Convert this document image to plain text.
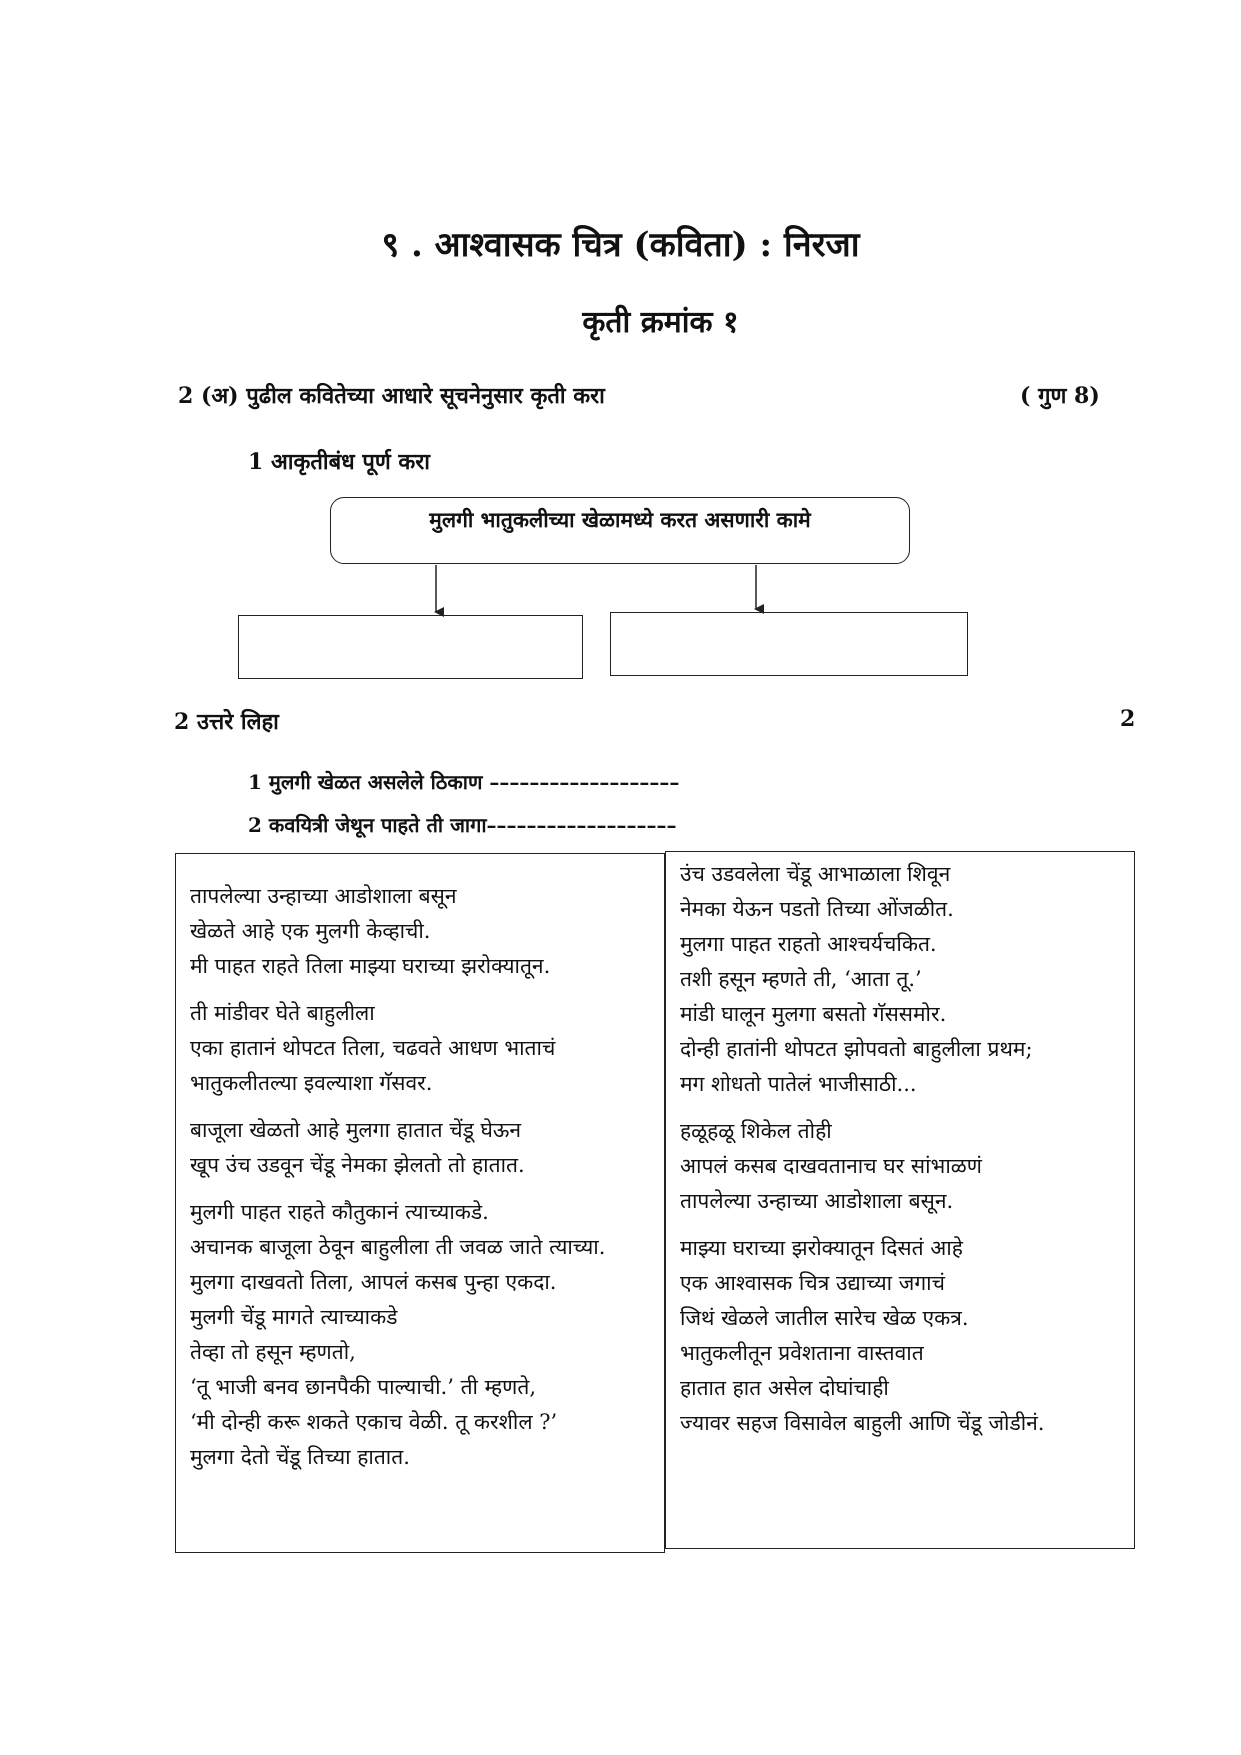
९ . आश्वासक चित्र (कविता) : निरजा
कृती क्रमांक १
2 (अ) पुढील कवितेच्या आधारे सूचनेनुसार कृती करा	( गुण 8)
1 आकृतीबंध पूर्ण करा
मुलगी भातुकलीच्या खेळामध्ये करत असणारी कामे
2 उत्तरे लिहा	2
1 मुलगी खेळत असलेले ठिकाण –––––––––––––––––––
2 कवयित्री जेथून पाहते ती जागा–––––––––––––––––––
तापलेल्या उन्हाच्या आडोशाला बसून
खेळते आहे एक मुलगी केव्हाची.
मी पाहत राहते तिला माझ्या घराच्या झरोक्यातून.
ती मांडीवर घेते बाहुलीला
एका हातानं थोपटत तिला, चढवते आधण भाताचं
भातुकलीतल्या इवल्याशा गॅसवर.
बाजूला खेळतो आहे मुलगा हातात चेंडू घेऊन
खूप उंच उडवून चेंडू नेमका झेलतो तो हातात.
मुलगी पाहत राहते कौतुकानं त्याच्याकडे.
अचानक बाजूला ठेवून बाहुलीला ती जवळ जाते त्याच्या.
मुलगा दाखवतो तिला, आपलं कसब पुन्हा एकदा.
मुलगी चेंडू मागते त्याच्याकडे
तेव्हा तो हसून म्हणतो,
‘तू भाजी बनव छानपैकी पाल्याची.’ ती म्हणते,
‘मी दोन्ही करू शकते एकाच वेळी. तू करशील ?’
मुलगा देतो चेंडू तिच्या हातात.
उंच उडवलेला चेंडू आभाळाला शिवून
नेमका येऊन पडतो तिच्या ओंजळीत.
मुलगा पाहत राहतो आश्चर्यचकित.
तशी हसून म्हणते ती, ‘आता तू.’
मांडी घालून मुलगा बसतो गॅससमोर.
दोन्ही हातांनी थोपटत झोपवतो बाहुलीला प्रथम;
मग शोधतो पातेलं भाजीसाठी...
हळूहळू शिकेल तोही
आपलं कसब दाखवतानाच घर सांभाळणं
तापलेल्या उन्हाच्या आडोशाला बसून.
माझ्या घराच्या झरोक्यातून दिसतं आहे
एक आश्वासक चित्र उद्याच्या जगाचं
जिथं खेळले जातील सारेच खेळ एकत्र.
भातुकलीतून प्रवेशताना वास्तवात
हातात हात असेल दोघांचाही
ज्यावर सहज विसावेल बाहुली आणि चेंडू जोडीनं.
